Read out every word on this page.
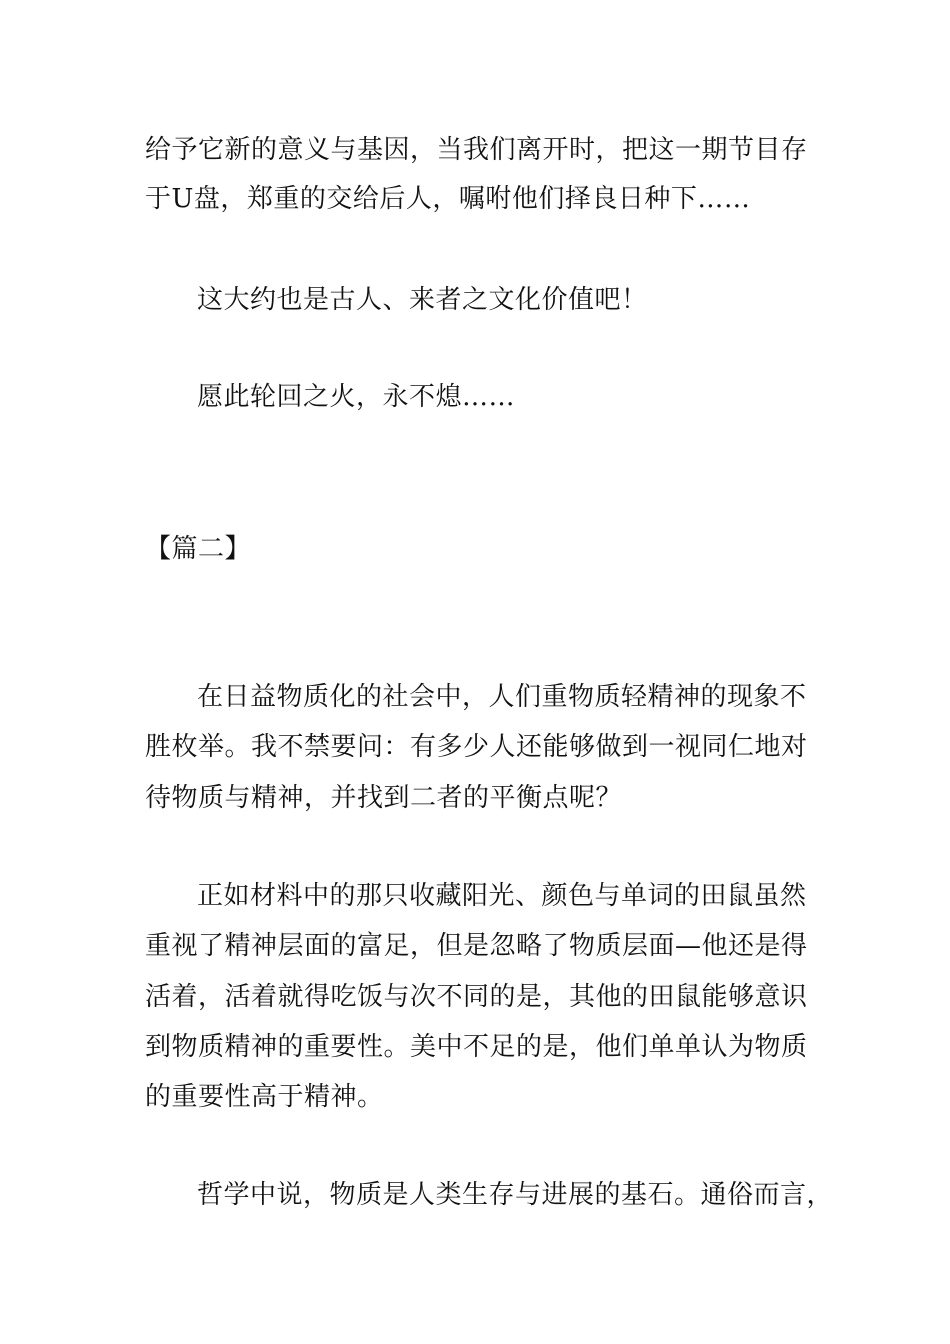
给予它新的意义与基因，当我们离开时，把这一期节目存
于U盘，郑重的交给后人，嘱咐他们择良日种下……
这大约也是古人、来者之文化价值吧！
愿此轮回之火，永不熄……
【篇二】
在日益物质化的社会中，人们重物质轻精神的现象不
胜枚举。我不禁要问：有多少人还能够做到一视同仁地对
待物质与精神，并找到二者的平衡点呢？
正如材料中的那只收藏阳光、颜色与单词的田鼠虽然
重视了精神层面的富足，但是忽略了物质层面—他还是得
活着，活着就得吃饭与次不同的是，其他的田鼠能够意识
到物质精神的重要性。美中不足的是，他们单单认为物质
的重要性高于精神。
哲学中说，物质是人类生存与进展的基石。通俗而言，
